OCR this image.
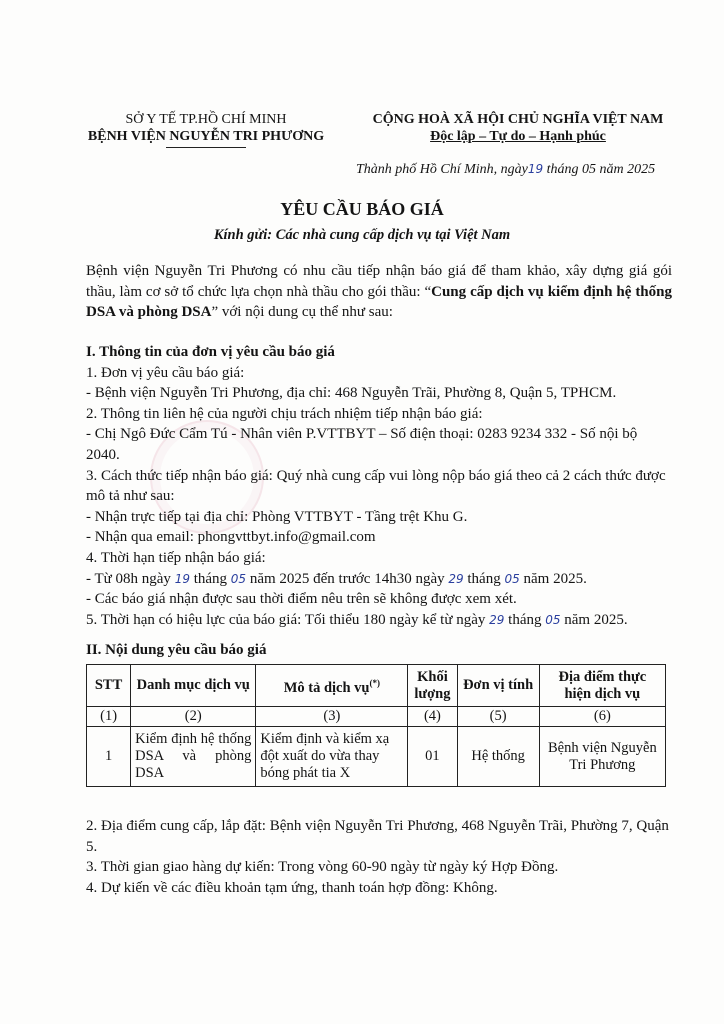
SỞ Y TẾ TP.HỒ CHÍ MINH
BỆNH VIỆN NGUYỄN TRI PHƯƠNG
CỘNG HOÀ XÃ HỘI CHỦ NGHĨA VIỆT NAM
Độc lập – Tự do – Hạnh phúc
Thành phố Hồ Chí Minh, ngày19 tháng 05 năm 2025
YÊU CẦU BÁO GIÁ
Kính gửi: Các nhà cung cấp dịch vụ tại Việt Nam
Bệnh viện Nguyễn Tri Phương có nhu cầu tiếp nhận báo giá để tham khảo, xây dựng giá gói thầu, làm cơ sở tổ chức lựa chọn nhà thầu cho gói thầu: “Cung cấp dịch vụ kiểm định hệ thống DSA và phòng DSA” với nội dung cụ thể như sau:

I. Thông tin của đơn vị yêu cầu báo giá

1. Đơn vị yêu cầu báo giá:

- Bệnh viện Nguyễn Tri Phương, địa chỉ: 468 Nguyễn Trãi, Phường 8, Quận 5, TPHCM.

2. Thông tin liên hệ của người chịu trách nhiệm tiếp nhận báo giá:

- Chị Ngô Đức Cẩm Tú - Nhân viên P.VTTBYT – Số điện thoại: 0283 9234 332 - Số nội bộ 2040.

3. Cách thức tiếp nhận báo giá: Quý nhà cung cấp vui lòng nộp báo giá theo cả 2 cách thức được mô tả như sau:

- Nhận trực tiếp tại địa chỉ: Phòng VTTBYT - Tầng trệt Khu G.

- Nhận qua email: phongvttbyt.info@gmail.com

4. Thời hạn tiếp nhận báo giá:

- Từ 08h ngày 19 tháng 05 năm 2025 đến trước 14h30 ngày 29 tháng 05 năm 2025.

- Các báo giá nhận được sau thời điểm nêu trên sẽ không được xem xét.

5. Thời hạn có hiệu lực của báo giá: Tối thiểu 180 ngày kể từ ngày 29 tháng 05 năm 2025.

II. Nội dung yêu cầu báo giá
STT	Danh mục dịch vụ	Mô tả dịch vụ(*)	Khối lượng	Đơn vị tính	Địa điểm thực hiện dịch vụ
(1)	(2)	(3)	(4)	(5)	(6)
1	Kiểm định hệ thống DSA và phòng DSA	Kiểm định và kiểm xạ đột xuất do vừa thay bóng phát tia X	01	Hệ thống	Bệnh viện Nguyễn Tri Phương

2. Địa điểm cung cấp, lắp đặt: Bệnh viện Nguyễn Tri Phương, 468 Nguyễn Trãi, Phường 7, Quận 5.

3. Thời gian giao hàng dự kiến: Trong vòng 60-90 ngày từ ngày ký Hợp Đồng.

4. Dự kiến về các điều khoản tạm ứng, thanh toán hợp đồng: Không.
